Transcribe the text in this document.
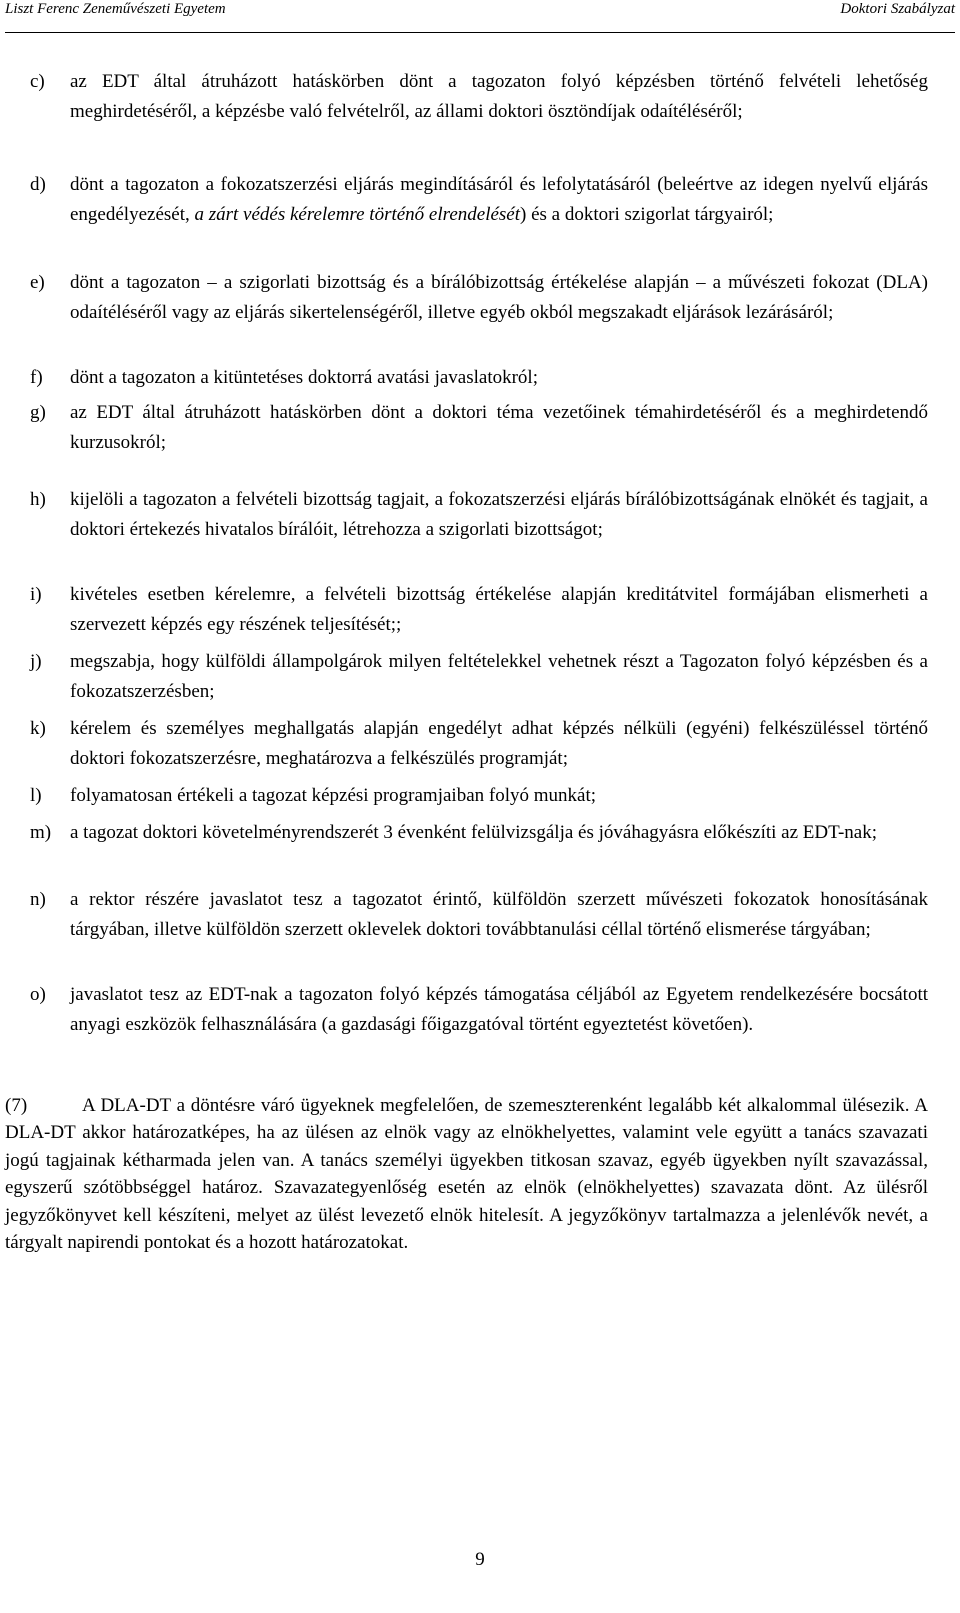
Liszt Ferenc Zeneművészeti Egyetem	Doktori Szabályzat
c) az EDT által átruházott hatáskörben dönt a tagozaton folyó képzésben történő felvételi lehetőség meghirdetéséről, a képzésbe való felvételről, az állami doktori ösztöndíjak odaítéléséről;
d) dönt a tagozaton a fokozatszerzési eljárás megindításáról és lefolytatásáról (beleértve az idegen nyelvű eljárás engedélyezését, a zárt védés kérelemre történő elrendelését) és a doktori szigorlat tárgyairól;
e) dönt a tagozaton – a szigorlati bizottság és a bírálóbizottság értékelése alapján – a művészeti fokozat (DLA) odaítéléséről vagy az eljárás sikertelenségéről, illetve egyéb okból megszakadt eljárások lezárásáról;
f) dönt a tagozaton a kitüntetéses doktorrá avatási javaslatokról;
g) az EDT által átruházott hatáskörben dönt a doktori téma vezetőinek témahirdetéséről és a meghirdetendő kurzusokról;
h) kijelöli a tagozaton a felvételi bizottság tagjait, a fokozatszerzési eljárás bírálóbizottságának elnökét és tagjait, a doktori értekezés hivatalos bírálóit, létrehozza a szigorlati bizottságot;
i) kivételes esetben kérelemre, a felvételi bizottság értékelése alapján kreditátvitel formájában elismerheti a szervezett képzés egy részének teljesítését;;
j) megszabja, hogy külföldi állampolgárok milyen feltételekkel vehetnek részt a Tagozaton folyó képzésben és a fokozatszerzésben;
k) kérelem és személyes meghallgatás alapján engedélyt adhat képzés nélküli (egyéni) felkészüléssel történő doktori fokozatszerzésre, meghatározva a felkészülés programját;
l) folyamatosan értékeli a tagozat képzési programjaiban folyó munkát;
m) a tagozat doktori követelményrendszerét 3 évenként felülvizsgálja és jóváhagyásra előkészíti az EDT-nak;
n) a rektor részére javaslatot tesz a tagozatot érintő, külföldön szerzett művészeti fokozatok honosításának tárgyában, illetve külföldön szerzett oklevelek doktori továbbtanulási céllal történő elismerése tárgyában;
o) javaslatot tesz az EDT-nak a tagozaton folyó képzés támogatása céljából az Egyetem rendelkezésére bocsátott anyagi eszközök felhasználására (a gazdasági főigazgatóval történt egyeztetést követően).
(7)	A DLA-DT a döntésre váró ügyeknek megfelelően, de szemeszterenként legalább két alkalommal ülésezik. A DLA-DT akkor határozatképes, ha az ülésen az elnök vagy az elnökhelyettes, valamint vele együtt a tanács szavazati jogú tagjainak kétharmada jelen van. A tanács személyi ügyekben titkosan szavaz, egyéb ügyekben nyílt szavazással, egyszerű szótöbbséggel határoz. Szavazategyenlőség esetén az elnök (elnökhelyettes) szavazata dönt. Az ülésről jegyzőkönyvet kell készíteni, melyet az ülést levezető elnök hitelesít. A jegyzőkönyv tartalmazza a jelenlévők nevét, a tárgyalt napirendi pontokat és a hozott határozatokat.
9
